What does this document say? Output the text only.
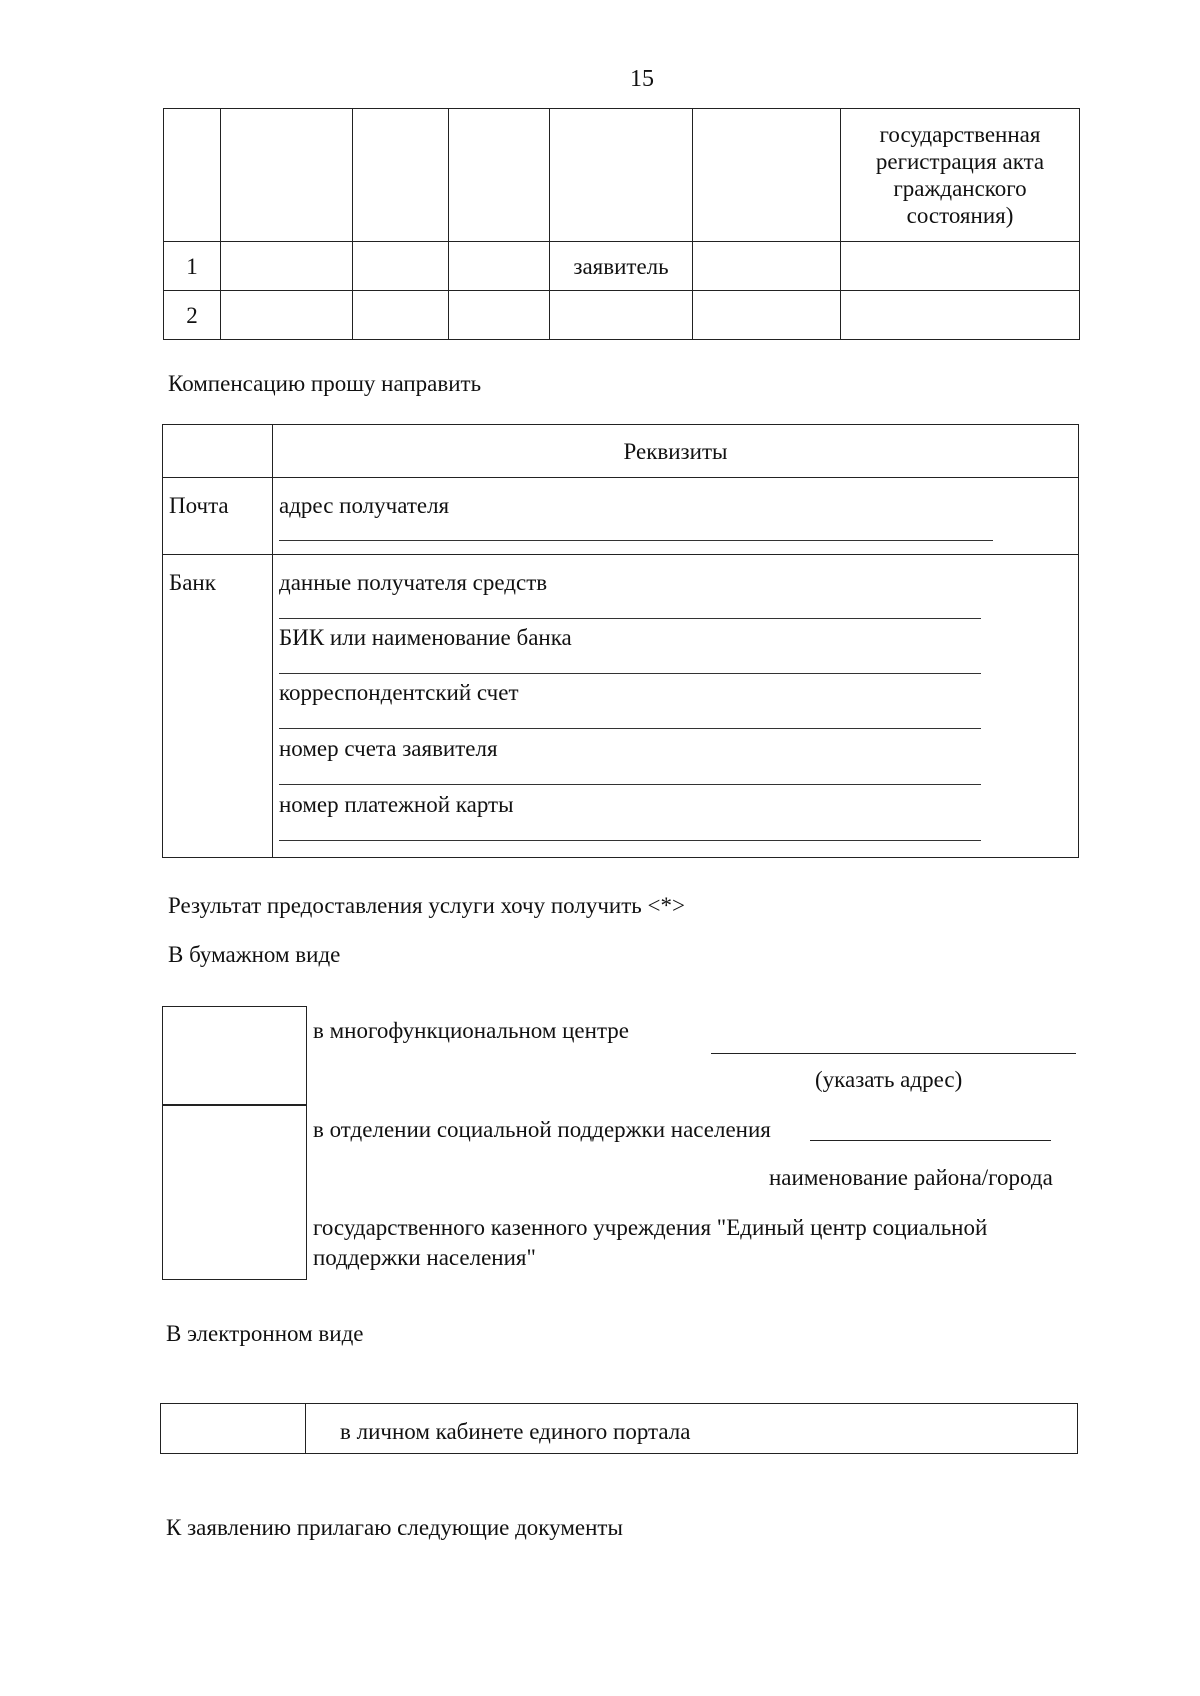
15

						государственная
регистрация акта
гражданского
состояния)

1				заявитель		
2						
Компенсацию прошу направить
	Реквизиты
Почта	адрес получателя

Банк	данные получателя средств
БИК или наименование банка
корреспондентский счет
номер счета заявителя
номер платежной карты
Результат предоставления услуги хочу получить <*>
В бумажном виде
в многофункциональном центре
(указать адрес)
в отделении социальной поддержки населения
наименование района/города
государственного казенного учреждения "Единый центр социальной
поддержки населения"
В электронном виде
в личном кабинете единого портала
К заявлению прилагаю следующие документы
